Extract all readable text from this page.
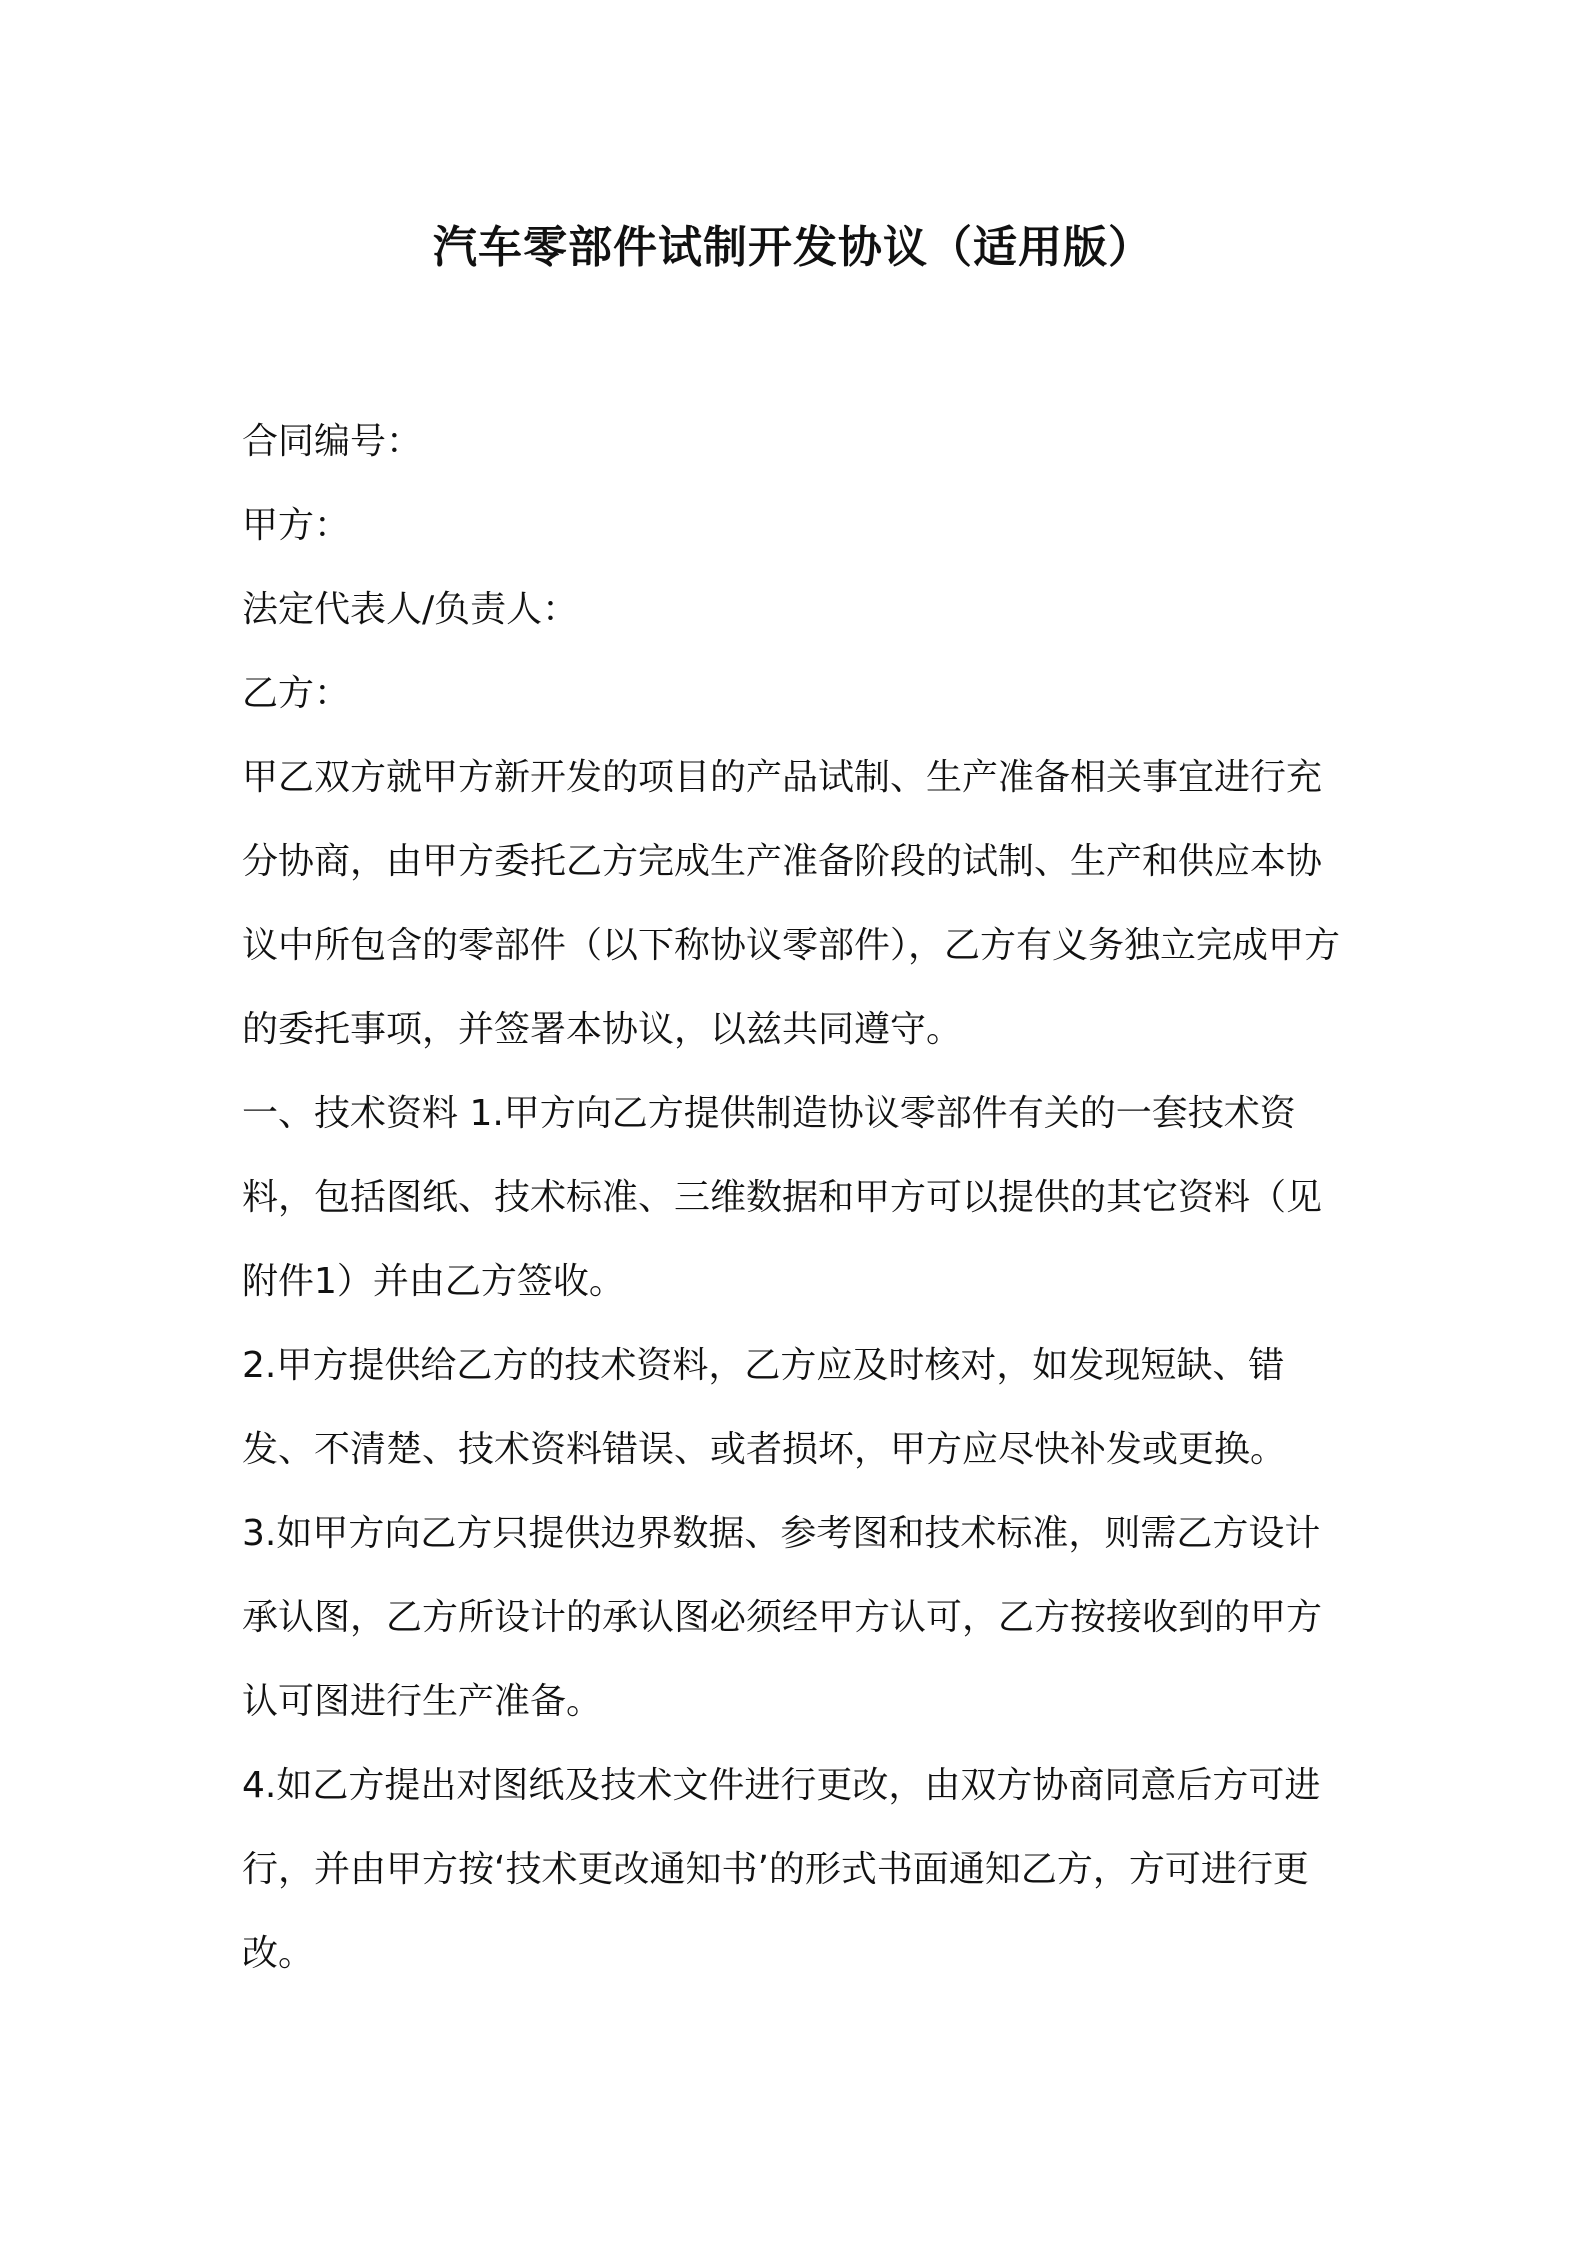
汽车零部件试制开发协议（适用版）

合同编号：

甲方：

法定代表人/负责人：

乙方：

甲乙双方就甲方新开发的项目的产品试制、生产准备相关事宜进行充分协商，由甲方委托乙方完成生产准备阶段的试制、生产和供应本协议中所包含的零部件（以下称协议零部件），乙方有义务独立完成甲方的委托事项，并签署本协议，以兹共同遵守。

一、技术资料 1.甲方向乙方提供制造协议零部件有关的一套技术资料，包括图纸、技术标准、三维数据和甲方可以提供的其它资料（见附件1）并由乙方签收。

2.甲方提供给乙方的技术资料，乙方应及时核对，如发现短缺、错发、不清楚、技术资料错误、或者损坏，甲方应尽快补发或更换。

3.如甲方向乙方只提供边界数据、参考图和技术标准，则需乙方设计承认图，乙方所设计的承认图必须经甲方认可，乙方按接收到的甲方认可图进行生产准备。

4.如乙方提出对图纸及技术文件进行更改，由双方协商同意后方可进行，并由甲方按‘技术更改通知书’的形式书面通知乙方，方可进行更改。
